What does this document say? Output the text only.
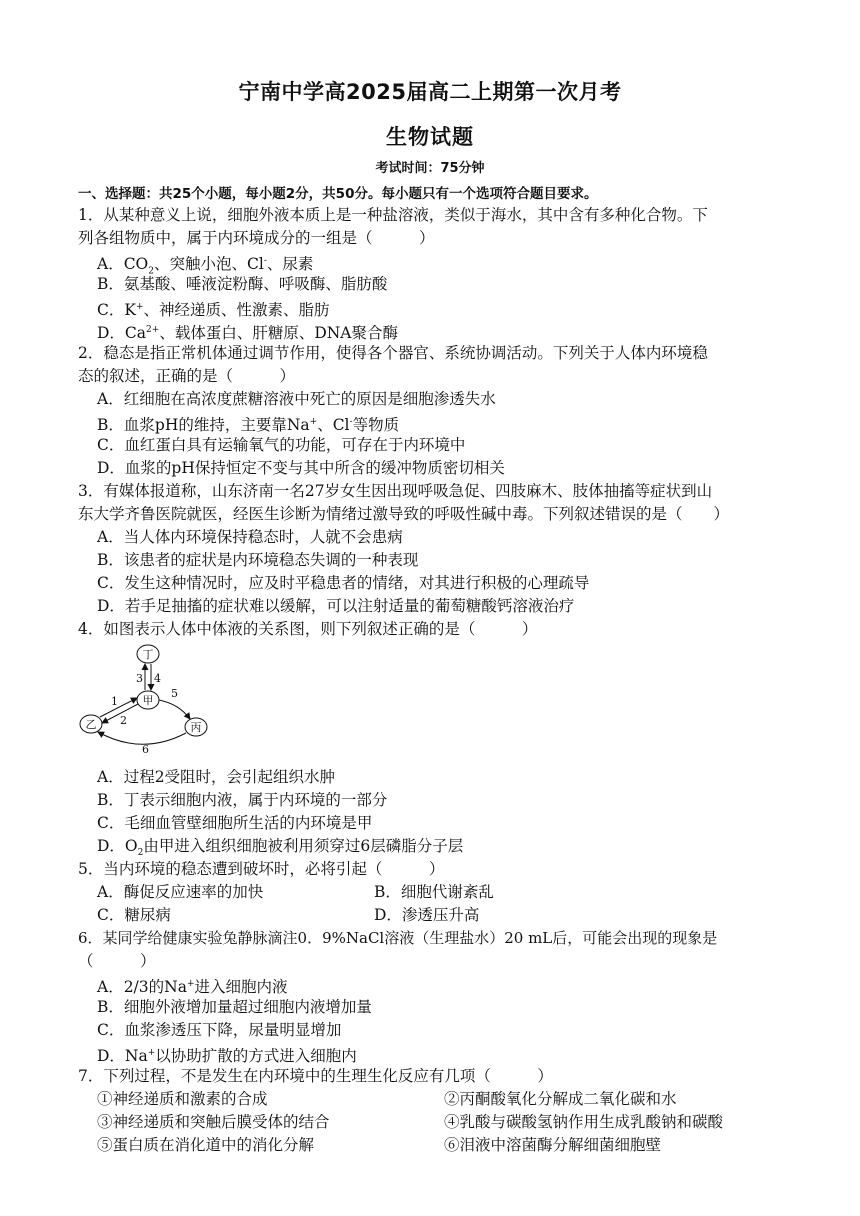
宁南中学高2025届高二上期第一次月考
生物试题
考试时间：75分钟
一、选择题：共25个小题，每小题2分，共50分。每小题只有一个选项符合题目要求。
1．从某种意义上说，细胞外液本质上是一种盐溶液，类似于海水，其中含有多种化合物。下
列各组物质中，属于内环境成分的一组是（　　　）
A．$CO_2$、突触小泡、Cl-、尿素
B．氨基酸、唾液淀粉酶、呼吸酶、脂肪酸
C．K+、神经递质、性激素、脂肪
D．$Ca^{2+}$、载体蛋白、肝糖原、DNA聚合酶
2．稳态是指正常机体通过调节作用，使得各个器官、系统协调活动。下列关于人体内环境稳
态的叙述，正确的是（　　　）
A．红细胞在高浓度蔗糖溶液中死亡的原因是细胞渗透失水
B．血浆pH的维持，主要靠Na+、Cl-等物质
C．血红蛋白具有运输氧气的功能，可存在于内环境中
D．血浆的pH保持恒定不变与其中所含的缓冲物质密切相关
3．有媒体报道称，山东济南一名27岁女生因出现呼吸急促、四肢麻木、肢体抽搐等症状到山
东大学齐鲁医院就医，经医生诊断为情绪过激导致的呼吸性碱中毒。下列叙述错误的是（　　）
A．当人体内环境保持稳态时，人就不会患病
B．该患者的症状是内环境稳态失调的一种表现
C．发生这种情况时，应及时平稳患者的情绪，对其进行积极的心理疏导
D．若手足抽搐的症状难以缓解，可以注射适量的葡萄糖酸钙溶液治疗
4．如图表示人体中体液的关系图，则下列叙述正确的是（　　　）
丁
甲
乙	丙
3 4
1
2
5
6
A．过程2受阻时，会引起组织水肿
B．丁表示细胞内液，属于内环境的一部分
C．毛细血管壁细胞所生活的内环境是甲
D．$O_2$由甲进入组织细胞被利用须穿过6层磷脂分子层
5．当内环境的稳态遭到破坏时，必将引起（　　　）
A．酶促反应速率的加快	B．细胞代谢紊乱
C．糖尿病	D．渗透压升高
6．某同学给健康实验兔静脉滴注0．9%NaCl溶液（生理盐水）20 mL后，可能会出现的现象是
（　　　）
A．2/3的Na+进入细胞内液
B．细胞外液增加量超过细胞内液增加量
C．血浆渗透压下降，尿量明显增加
D．Na+以协助扩散的方式进入细胞内
7．下列过程，不是发生在内环境中的生理生化反应有几项（　　　）
①神经递质和激素的合成	②丙酮酸氧化分解成二氧化碳和水
③神经递质和突触后膜受体的结合	④乳酸与碳酸氢钠作用生成乳酸钠和碳酸
⑤蛋白质在消化道中的消化分解	⑥泪液中溶菌酶分解细菌细胞壁
